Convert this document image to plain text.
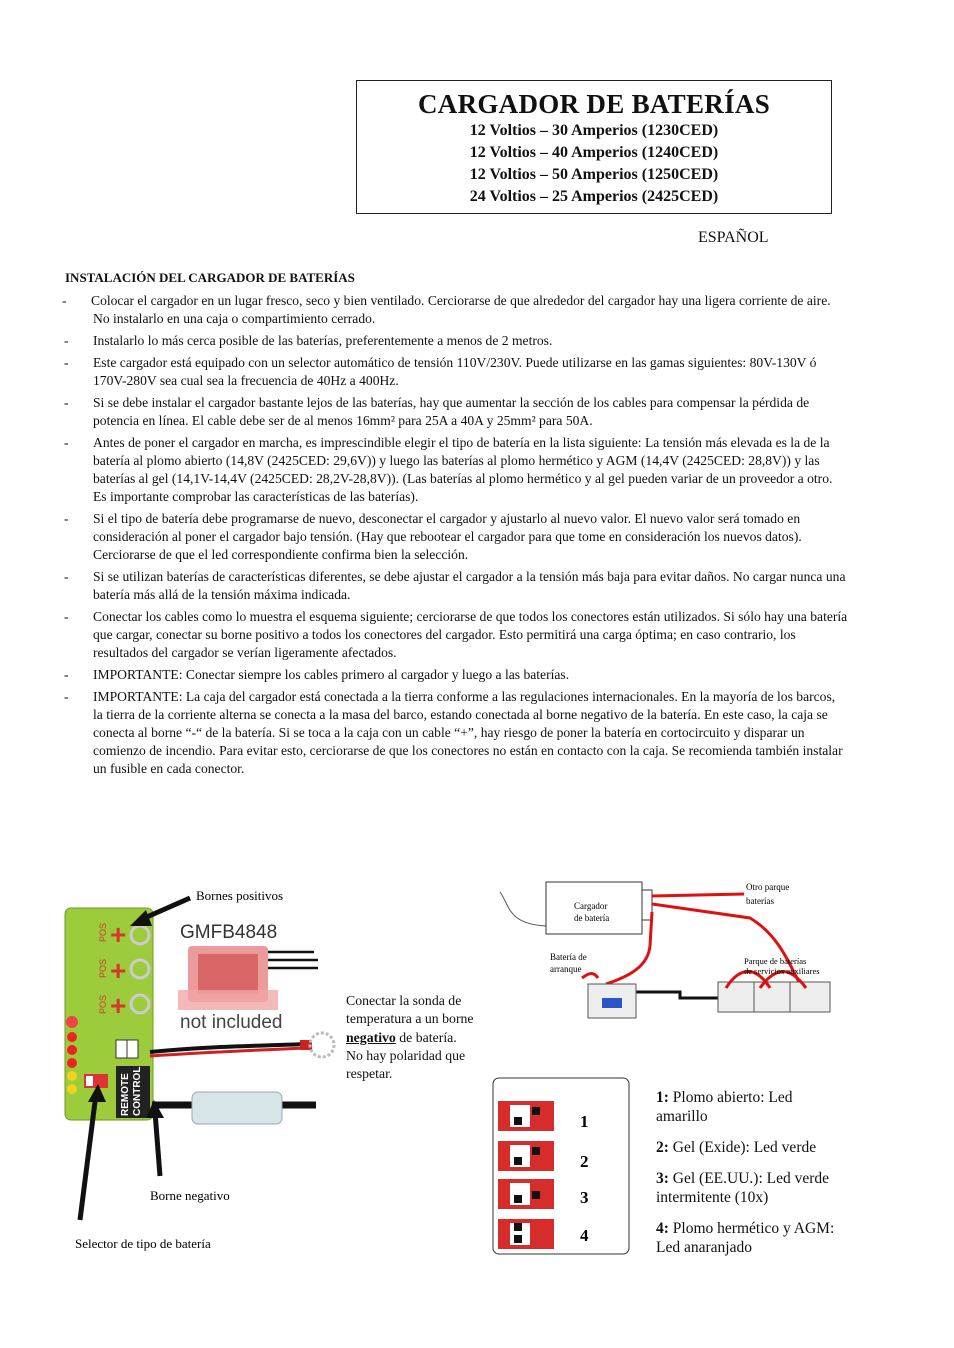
CARGADOR DE BATERÍAS
12 Voltios – 30 Amperios (1230CED)
12 Voltios – 40 Amperios (1240CED)
12 Voltios – 50 Amperios (1250CED)
24 Voltios – 25 Amperios (2425CED)
ESPAÑOL
INSTALACIÓN DEL CARGADOR DE BATERÍAS
- Colocar el cargador en un lugar fresco, seco y bien ventilado. Cerciorarse de que alrededor del cargador hay una ligera corriente de aire. No instalarlo en una caja o compartimiento cerrado.
- Instalarlo lo más cerca posible de las baterías, preferentemente a menos de 2 metros.
- Este cargador está equipado con un selector automático de tensión 110V/230V. Puede utilizarse en las gamas siguientes: 80V-130V ó 170V-280V sea cual sea la frecuencia de 40Hz a 400Hz.
- Si se debe instalar el cargador bastante lejos de las baterías, hay que aumentar la sección de los cables para compensar la pérdida de potencia en línea. El cable debe ser de al menos 16mm² para 25A a 40A y 25mm² para 50A.
- Antes de poner el cargador en marcha, es imprescindible elegir el tipo de batería en la lista siguiente: La tensión más elevada es la de la batería al plomo abierto (14,8V (2425CED: 29,6V)) y luego las baterías al plomo hermético y AGM (14,4V (2425CED: 28,8V)) y las baterías al gel (14,1V-14,4V (2425CED: 28,2V-28,8V)). (Las baterías al plomo hermético y al gel pueden variar de un proveedor a otro. Es importante comprobar las características de las baterías).
- Si el tipo de batería debe programarse de nuevo, desconectar el cargador y ajustarlo al nuevo valor. El nuevo valor será tomado en consideración al poner el cargador bajo tensión. (Hay que rebootear el cargador para que tome en consideración los nuevos datos). Cerciorarse de que el led correspondiente confirma bien la selección.
- Si se utilizan baterías de características diferentes, se debe ajustar el cargador a la tensión más baja para evitar daños. No cargar nunca una batería más allá de la tensión máxima indicada.
- Conectar los cables como lo muestra el esquema siguiente; cerciorarse de que todos los conectores están utilizados. Si sólo hay una batería que cargar, conectar su borne positivo a todos los conectores del cargador. Esto permitirá una carga óptima; en caso contrario, los resultados del cargador se verían ligeramente afectados.
- IMPORTANTE: Conectar siempre los cables primero al cargador y luego a las baterías.
- IMPORTANTE: La caja del cargador está conectada a la tierra conforme a las regulaciones internacionales. En la mayoría de los barcos, la tierra de la corriente alterna se conecta a la masa del barco, estando conectada al borne negativo de la batería. En este caso, la caja se conecta al borne “-“ de la batería. Si se toca a la caja con un cable “+”, hay riesgo de poner la batería en cortocircuito y disparar un comienzo de incendio. Para evitar esto, cerciorarse de que los conectores no están en contacto con la caja. Se recomienda también instalar un fusible en cada conector.
POS +
POS +
POS +
REMOTE CONTROL
GMFB4848
not included
Bornes positivos
Borne negativo
Selector de tipo de batería
Conectar la sonda de temperatura a un borne negativo de batería. No hay polaridad que respetar.
Cargador
de batería
Otro parque
baterías
Batería de
arranque
Parque de baterías
de servicios auxiliares
1
2
3
4
1: Plomo abierto: Led amarillo
2: Gel (Exide): Led verde
3: Gel (EE.UU.): Led verde intermitente (10x)
4: Plomo hermético y AGM: Led anaranjado
